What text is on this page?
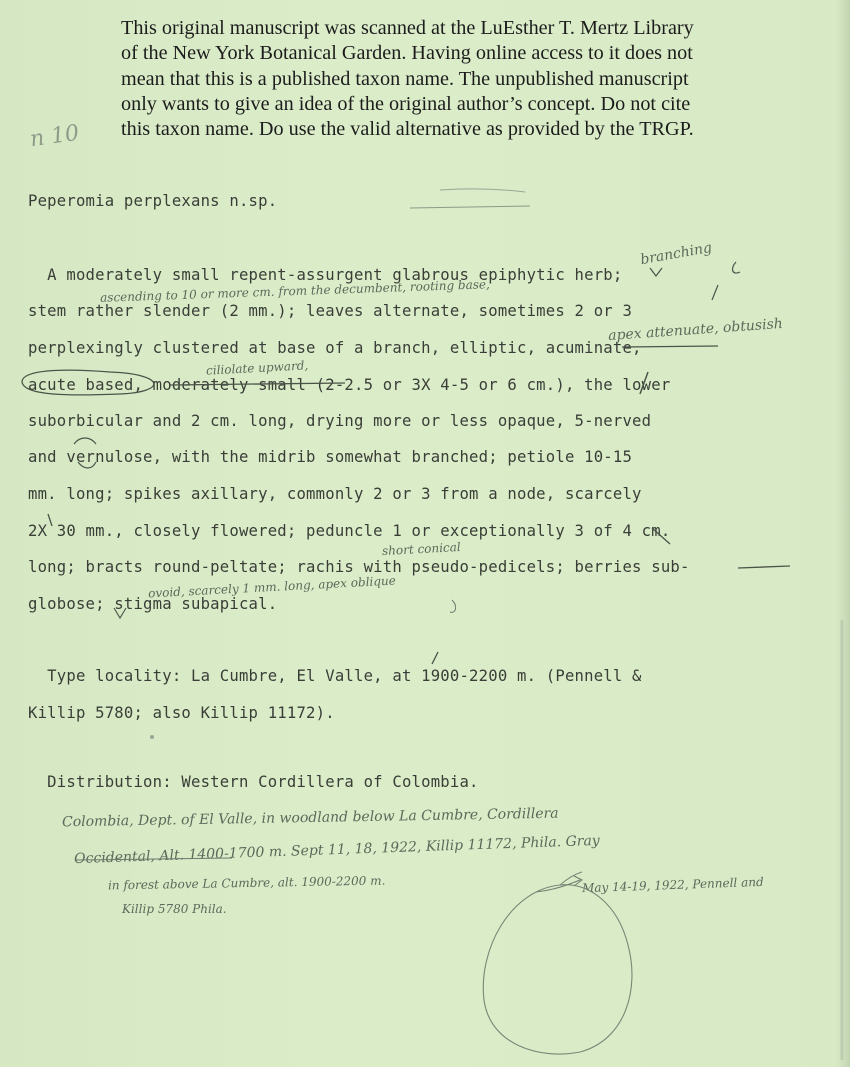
This original manuscript was scanned at the LuEsther T. Mertz Library
of the New York Botanical Garden. Having online access to it does not
mean that this is a published taxon name. The unpublished manuscript
only wants to give an idea of the original author’s concept. Do not cite
this taxon name. Do use the valid alternative as provided by the TRGP.
n 10
Peperomia perplexans n.sp.
A moderately small repent-assurgent glabrous epiphytic herb;
stem rather slender (2 mm.); leaves alternate, sometimes 2 or 3
perplexingly clustered at base of a branch, elliptic, acuminate,
acute based, moderately small (2-2.5 or 3X 4-5 or 6 cm.), the lower
suborbicular and 2 cm. long, drying more or less opaque, 5-nerved
and vernulose, with the midrib somewhat branched; petiole 10-15
mm. long; spikes axillary, commonly 2 or 3 from a node, scarcely
2X 30 mm., closely flowered; peduncle 1 or exceptionally 3 of 4 cm.
long; bracts round-peltate; rachis with pseudo-pedicels; berries sub-
globose; stigma subapical.
branching
ascending to 10 or more cm. from the decumbent, rooting base,
apex attenuate, obtusish
ciliolate upward,
short conical
ovoid, scarcely 1 mm. long, apex oblique
Type locality: La Cumbre, El Valle, at 1900-2200 m. (Pennell &
Killip 5780; also Killip 11172).
Distribution: Western Cordillera of Colombia.
Colombia, Dept. of El Valle, in woodland below La Cumbre, Cordillera
Occidental, Alt. 1400-1700 m. Sept 11, 18, 1922, Killip 11172, Phila. Gray
in forest above La Cumbre, alt. 1900-2200 m.	May 14-19, 1922, Pennell and
Killip 5780 Phila.
